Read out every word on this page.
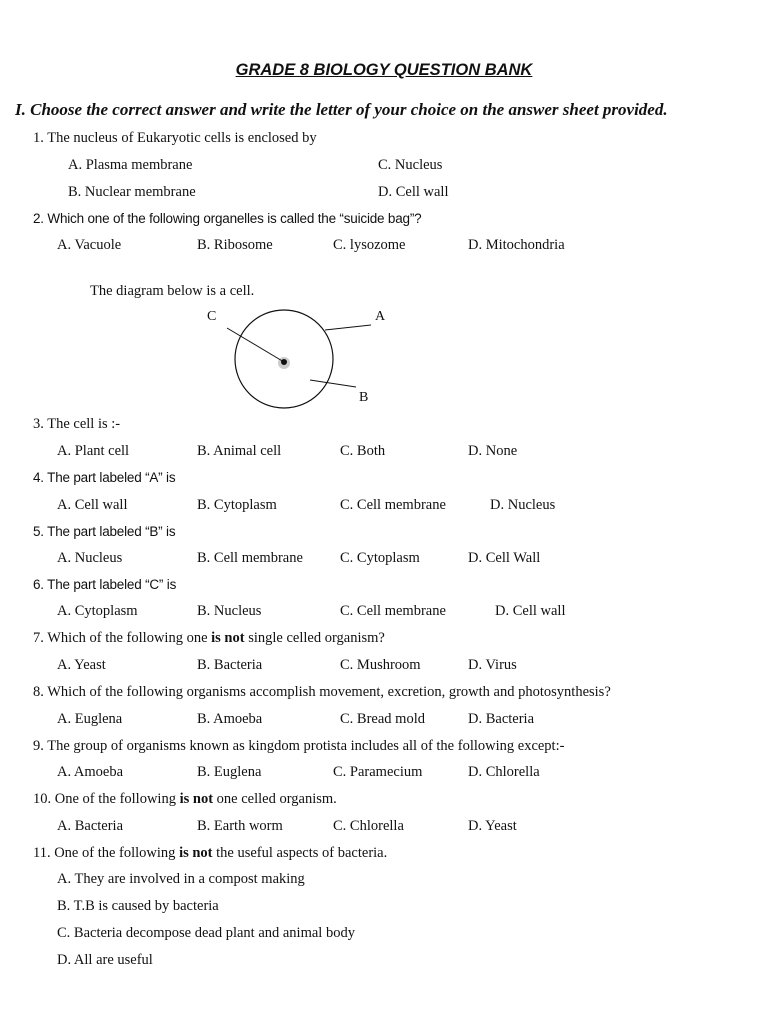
GRADE 8 BIOLOGY QUESTION BANK
I. Choose the correct answer and write the letter of your choice on the answer sheet provided.
1. The nucleus of Eukaryotic cells is enclosed by
A. Plasma membrane	C. Nucleus
B. Nuclear membrane	D. Cell wall
2. Which one of the following organelles is called the “suicide bag”?
A. Vacuole	B. Ribosome	C. lysozome	D. Mitochondria
The diagram below is a cell.
C	A
B
3. The cell is :-
A. Plant cell	B. Animal cell	C. Both	D. None
4. The part labeled “A” is
A. Cell wall	B. Cytoplasm	C. Cell membrane	D. Nucleus
5. The part labeled “B” is
A. Nucleus	B. Cell membrane	C. Cytoplasm	D. Cell Wall
6. The part labeled “C” is
A. Cytoplasm	B. Nucleus	C. Cell membrane	D. Cell wall
7. Which of the following one is not single celled organism?
A. Yeast	B. Bacteria	C. Mushroom	D. Virus
8. Which of the following organisms accomplish movement, excretion, growth and photosynthesis?
A. Euglena	B. Amoeba	C. Bread mold	D. Bacteria
9. The group of organisms known as kingdom protista includes all of the following except:-
A. Amoeba	B. Euglena	C. Paramecium	D. Chlorella
10. One of the following is not one celled organism.
A. Bacteria	B. Earth worm	C. Chlorella	D. Yeast
11. One of the following is not the useful aspects of bacteria.
A. They are involved in a compost making
B. T.B is caused by bacteria
C. Bacteria decompose dead plant and animal body
D. All are useful
